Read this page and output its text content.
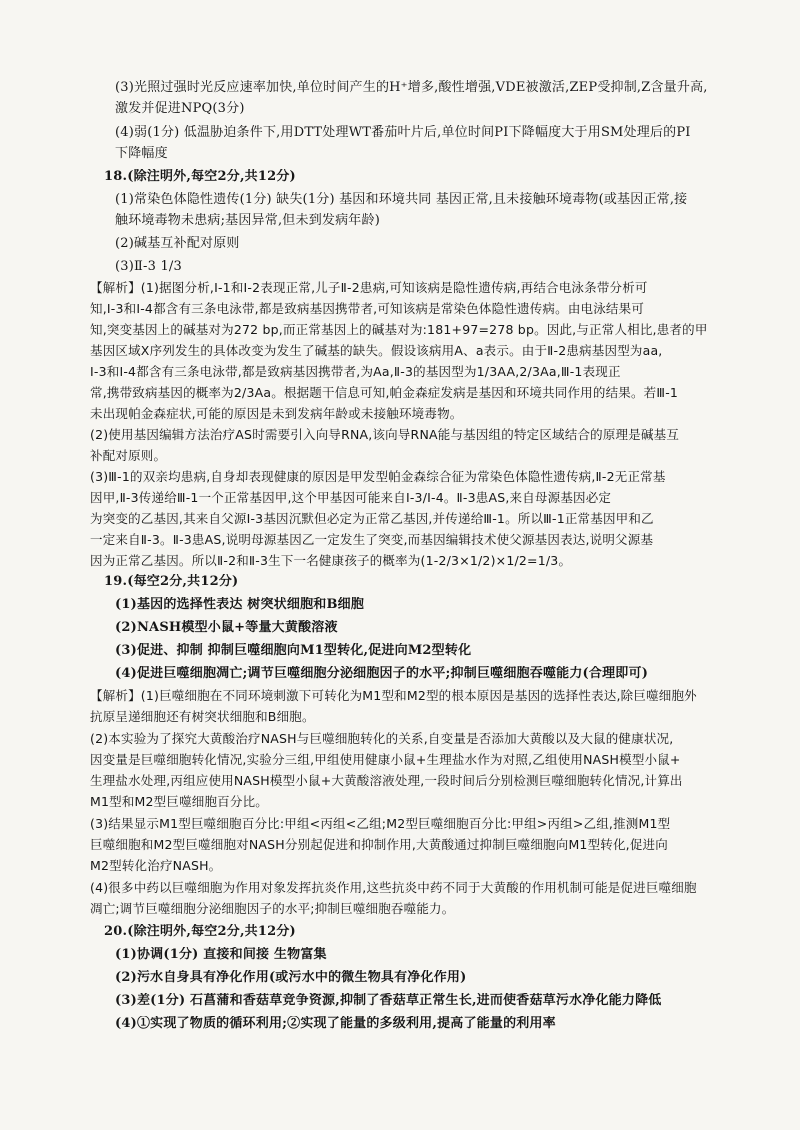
(3)光照过强时光反应速率加快,单位时间产生的H⁺增多,酸性增强,VDE被激活,ZEP受抑制,Z含量升高,
激发并促进NPQ(3分)
(4)弱(1分) 低温胁迫条件下,用DTT处理WT番茄叶片后,单位时间PI下降幅度大于用SM处理后的PI
下降幅度
18.(除注明外,每空2分,共12分)
(1)常染色体隐性遗传(1分) 缺失(1分) 基因和环境共同 基因正常,且未接触环境毒物(或基因正常,接
触环境毒物未患病;基因异常,但未到发病年龄)
(2)碱基互补配对原则
(3)Ⅱ-3 1/3
【解析】(1)据图分析,Ⅰ-1和Ⅰ-2表现正常,儿子Ⅱ-2患病,可知该病是隐性遗传病,再结合电泳条带分析可
知,Ⅰ-3和Ⅰ-4都含有三条电泳带,都是致病基因携带者,可知该病是常染色体隐性遗传病。由电泳结果可
知,突变基因上的碱基对为272 bp,而正常基因上的碱基对为:181+97=278 bp。因此,与正常人相比,患者的甲
基因区域X序列发生的具体改变为发生了碱基的缺失。假设该病用A、a表示。由于Ⅱ-2患病基因型为aa,
Ⅰ-3和Ⅰ-4都含有三条电泳带,都是致病基因携带者,为Aa,Ⅱ-3的基因型为1/3AA,2/3Aa,Ⅲ-1表现正
常,携带致病基因的概率为2/3Aa。根据题干信息可知,帕金森症发病是基因和环境共同作用的结果。若Ⅲ-1
未出现帕金森症状,可能的原因是未到发病年龄或未接触环境毒物。
(2)使用基因编辑方法治疗AS时需要引入向导RNA,该向导RNA能与基因组的特定区域结合的原理是碱基互
补配对原则。
(3)Ⅲ-1的双亲均患病,自身却表现健康的原因是甲发型帕金森综合征为常染色体隐性遗传病,Ⅱ-2无正常基
因甲,Ⅱ-3传递给Ⅲ-1一个正常基因甲,这个甲基因可能来自Ⅰ-3/Ⅰ-4。Ⅱ-3患AS,来自母源基因必定
为突变的乙基因,其来自父源Ⅰ-3基因沉默但必定为正常乙基因,并传递给Ⅲ-1。所以Ⅲ-1正常基因甲和乙
一定来自Ⅱ-3。Ⅱ-3患AS,说明母源基因乙一定发生了突变,而基因编辑技术使父源基因表达,说明父源基
因为正常乙基因。所以Ⅱ-2和Ⅱ-3生下一名健康孩子的概率为(1-2/3×1/2)×1/2=1/3。
19.(每空2分,共12分)
(1)基因的选择性表达 树突状细胞和B细胞
(2)NASH模型小鼠+等量大黄酸溶液
(3)促进、抑制 抑制巨噬细胞向M1型转化,促进向M2型转化
(4)促进巨噬细胞凋亡;调节巨噬细胞分泌细胞因子的水平;抑制巨噬细胞吞噬能力(合理即可)
【解析】(1)巨噬细胞在不同环境刺激下可转化为M1型和M2型的根本原因是基因的选择性表达,除巨噬细胞外
抗原呈递细胞还有树突状细胞和B细胞。
(2)本实验为了探究大黄酸治疗NASH与巨噬细胞转化的关系,自变量是否添加大黄酸以及大鼠的健康状况,
因变量是巨噬细胞转化情况,实验分三组,甲组使用健康小鼠+生理盐水作为对照,乙组使用NASH模型小鼠+
生理盐水处理,丙组应使用NASH模型小鼠+大黄酸溶液处理,一段时间后分别检测巨噬细胞转化情况,计算出
M1型和M2型巨噬细胞百分比。
(3)结果显示M1型巨噬细胞百分比:甲组<丙组<乙组;M2型巨噬细胞百分比:甲组>丙组>乙组,推测M1型
巨噬细胞和M2型巨噬细胞对NASH分别起促进和抑制作用,大黄酸通过抑制巨噬细胞向M1型转化,促进向
M2型转化治疗NASH。
(4)很多中药以巨噬细胞为作用对象发挥抗炎作用,这些抗炎中药不同于大黄酸的作用机制可能是促进巨噬细胞
凋亡;调节巨噬细胞分泌细胞因子的水平;抑制巨噬细胞吞噬能力。
20.(除注明外,每空2分,共12分)
(1)协调(1分) 直接和间接 生物富集
(2)污水自身具有净化作用(或污水中的微生物具有净化作用)
(3)差(1分) 石菖蒲和香菇草竞争资源,抑制了香菇草正常生长,进而使香菇草污水净化能力降低
(4)①实现了物质的循环利用;②实现了能量的多级利用,提高了能量的利用率
